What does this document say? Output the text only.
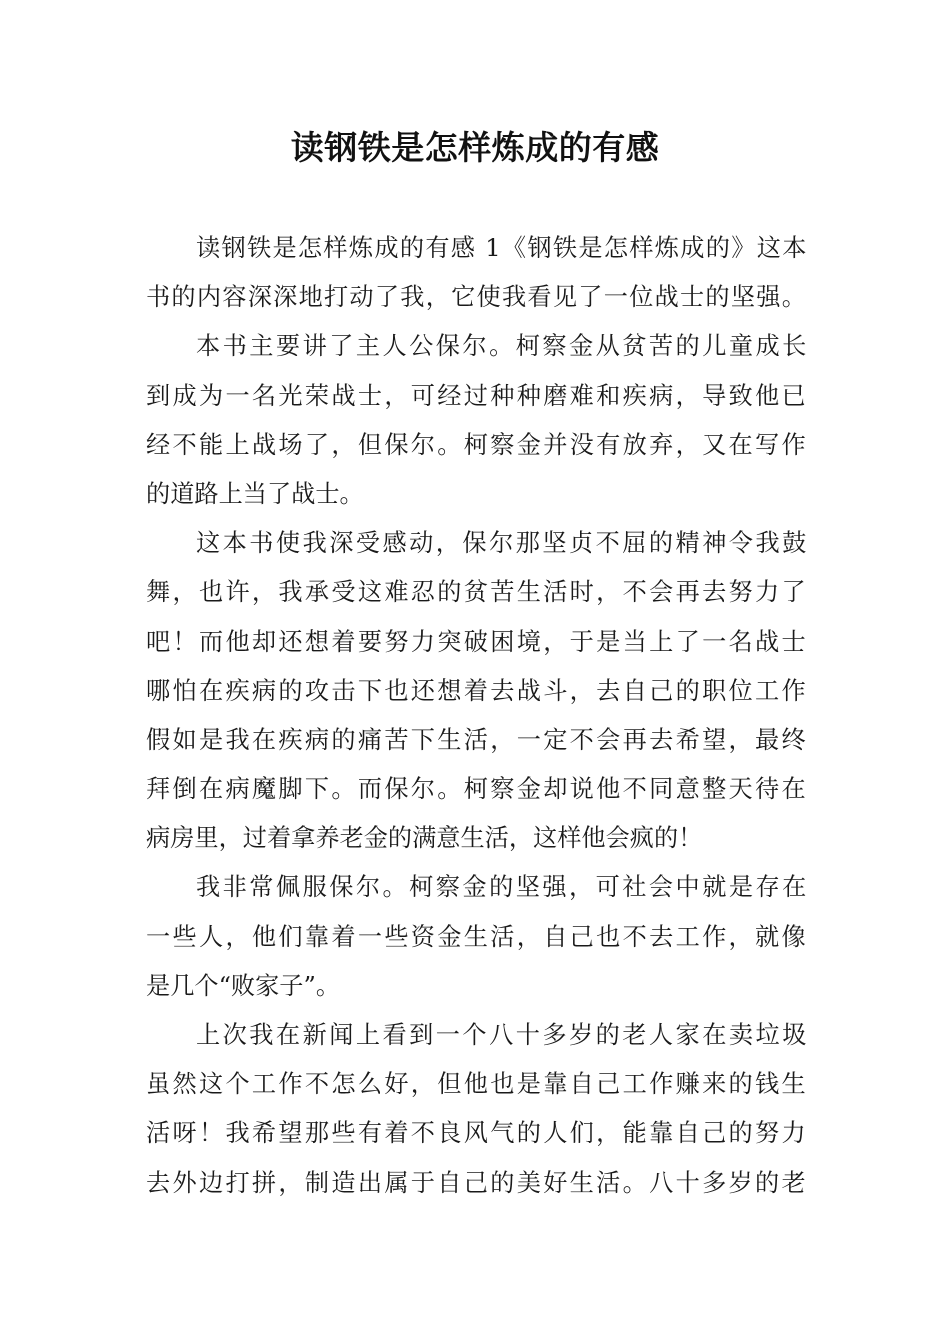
读钢铁是怎样炼成的有感
读钢铁是怎样炼成的有感 1《钢铁是怎样炼成的》这本
书的内容深深地打动了我，它使我看见了一位战士的坚强。
本书主要讲了主人公保尔。柯察金从贫苦的儿童成长
到成为一名光荣战士，可经过种种磨难和疾病，导致他已
经不能上战场了，但保尔。柯察金并没有放弃，又在写作
的道路上当了战士。
这本书使我深受感动，保尔那坚贞不屈的精神令我鼓
舞，也许，我承受这难忍的贫苦生活时，不会再去努力了
吧！而他却还想着要努力突破困境，于是当上了一名战士
哪怕在疾病的攻击下也还想着去战斗，去自己的职位工作
假如是我在疾病的痛苦下生活，一定不会再去希望，最终
拜倒在病魔脚下。而保尔。柯察金却说他不同意整天待在
病房里，过着拿养老金的满意生活，这样他会疯的！
我非常佩服保尔。柯察金的坚强，可社会中就是存在
一些人，他们靠着一些资金生活，自己也不去工作，就像
是几个“败家子”。
上次我在新闻上看到一个八十多岁的老人家在卖垃圾
虽然这个工作不怎么好，但他也是靠自己工作赚来的钱生
活呀！我希望那些有着不良风气的人们，能靠自己的努力
去外边打拼，制造出属于自己的美好生活。八十多岁的老
